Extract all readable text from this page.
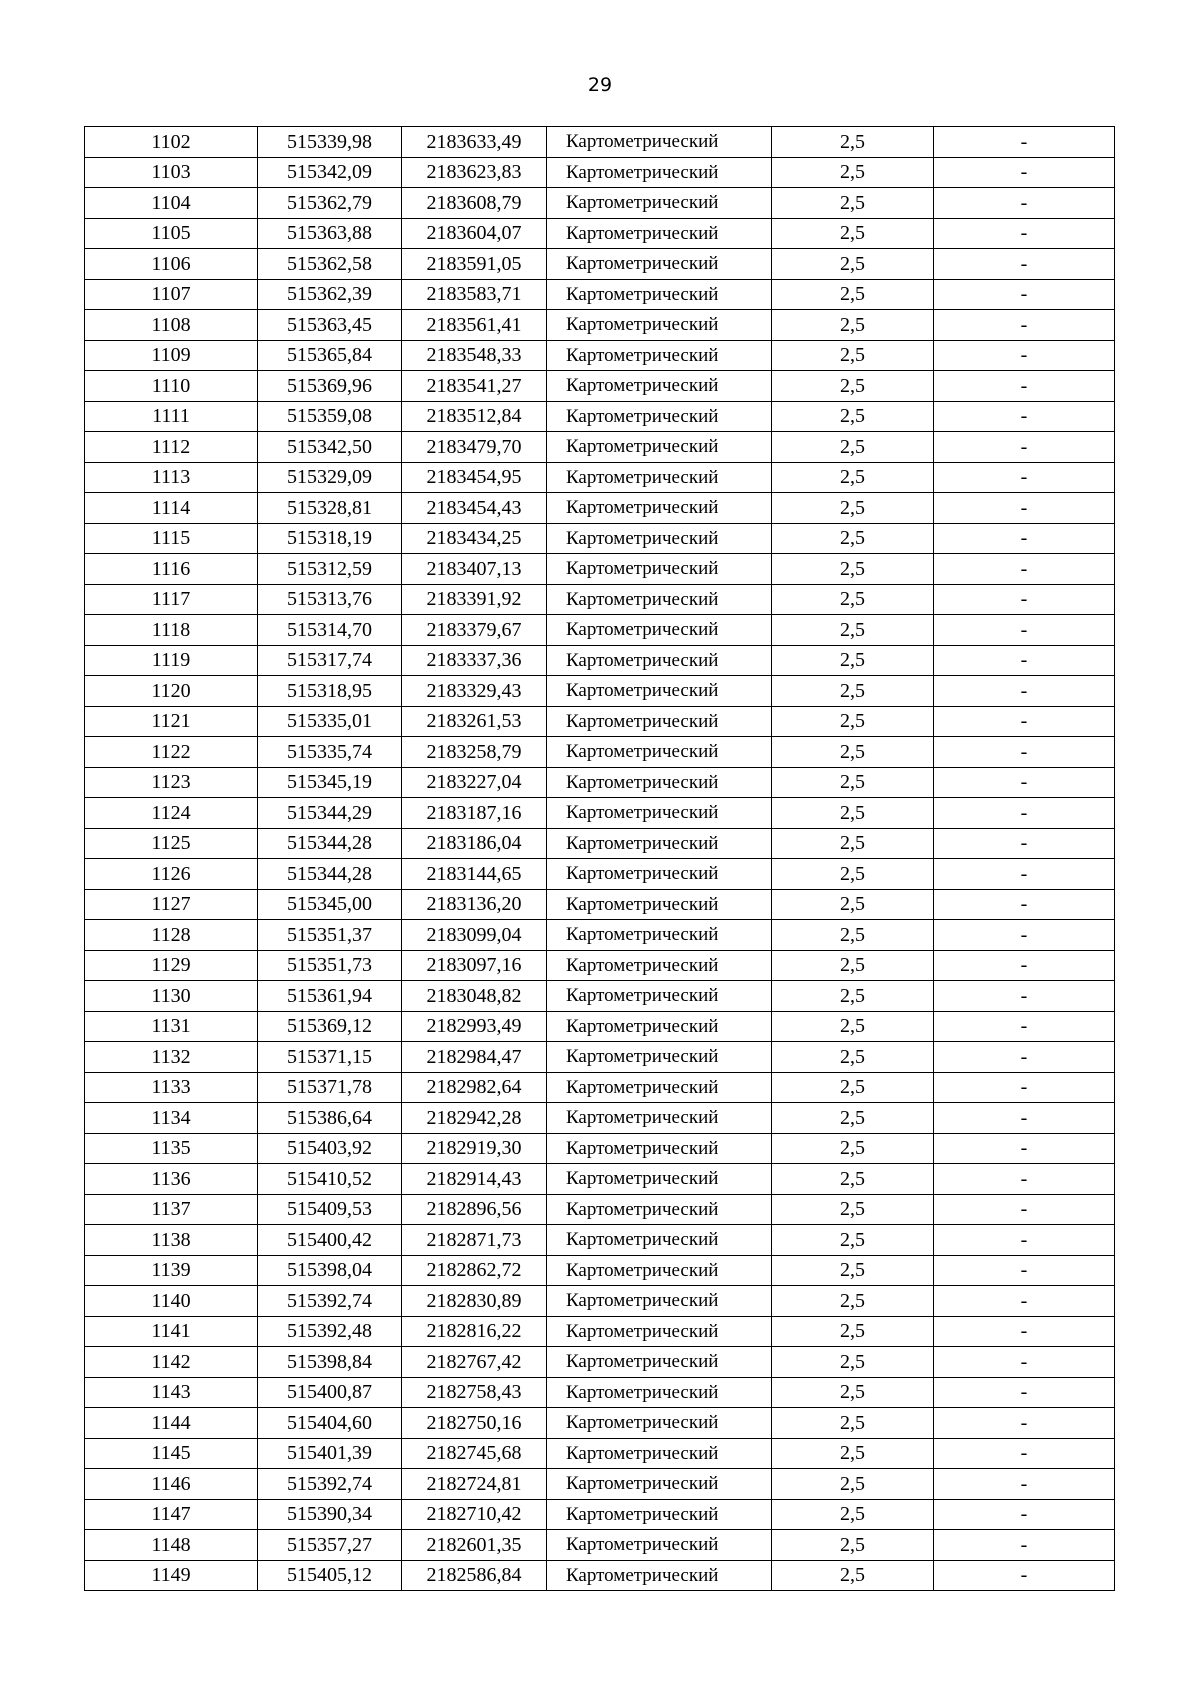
29
1102	515339,98	2183633,49	Картометрический	2,5	-
1103	515342,09	2183623,83	Картометрический	2,5	-
1104	515362,79	2183608,79	Картометрический	2,5	-
1105	515363,88	2183604,07	Картометрический	2,5	-
1106	515362,58	2183591,05	Картометрический	2,5	-
1107	515362,39	2183583,71	Картометрический	2,5	-
1108	515363,45	2183561,41	Картометрический	2,5	-
1109	515365,84	2183548,33	Картометрический	2,5	-
1110	515369,96	2183541,27	Картометрический	2,5	-
1111	515359,08	2183512,84	Картометрический	2,5	-
1112	515342,50	2183479,70	Картометрический	2,5	-
1113	515329,09	2183454,95	Картометрический	2,5	-
1114	515328,81	2183454,43	Картометрический	2,5	-
1115	515318,19	2183434,25	Картометрический	2,5	-
1116	515312,59	2183407,13	Картометрический	2,5	-
1117	515313,76	2183391,92	Картометрический	2,5	-
1118	515314,70	2183379,67	Картометрический	2,5	-
1119	515317,74	2183337,36	Картометрический	2,5	-
1120	515318,95	2183329,43	Картометрический	2,5	-
1121	515335,01	2183261,53	Картометрический	2,5	-
1122	515335,74	2183258,79	Картометрический	2,5	-
1123	515345,19	2183227,04	Картометрический	2,5	-
1124	515344,29	2183187,16	Картометрический	2,5	-
1125	515344,28	2183186,04	Картометрический	2,5	-
1126	515344,28	2183144,65	Картометрический	2,5	-
1127	515345,00	2183136,20	Картометрический	2,5	-
1128	515351,37	2183099,04	Картометрический	2,5	-
1129	515351,73	2183097,16	Картометрический	2,5	-
1130	515361,94	2183048,82	Картометрический	2,5	-
1131	515369,12	2182993,49	Картометрический	2,5	-
1132	515371,15	2182984,47	Картометрический	2,5	-
1133	515371,78	2182982,64	Картометрический	2,5	-
1134	515386,64	2182942,28	Картометрический	2,5	-
1135	515403,92	2182919,30	Картометрический	2,5	-
1136	515410,52	2182914,43	Картометрический	2,5	-
1137	515409,53	2182896,56	Картометрический	2,5	-
1138	515400,42	2182871,73	Картометрический	2,5	-
1139	515398,04	2182862,72	Картометрический	2,5	-
1140	515392,74	2182830,89	Картометрический	2,5	-
1141	515392,48	2182816,22	Картометрический	2,5	-
1142	515398,84	2182767,42	Картометрический	2,5	-
1143	515400,87	2182758,43	Картометрический	2,5	-
1144	515404,60	2182750,16	Картометрический	2,5	-
1145	515401,39	2182745,68	Картометрический	2,5	-
1146	515392,74	2182724,81	Картометрический	2,5	-
1147	515390,34	2182710,42	Картометрический	2,5	-
1148	515357,27	2182601,35	Картометрический	2,5	-
1149	515405,12	2182586,84	Картометрический	2,5	-
